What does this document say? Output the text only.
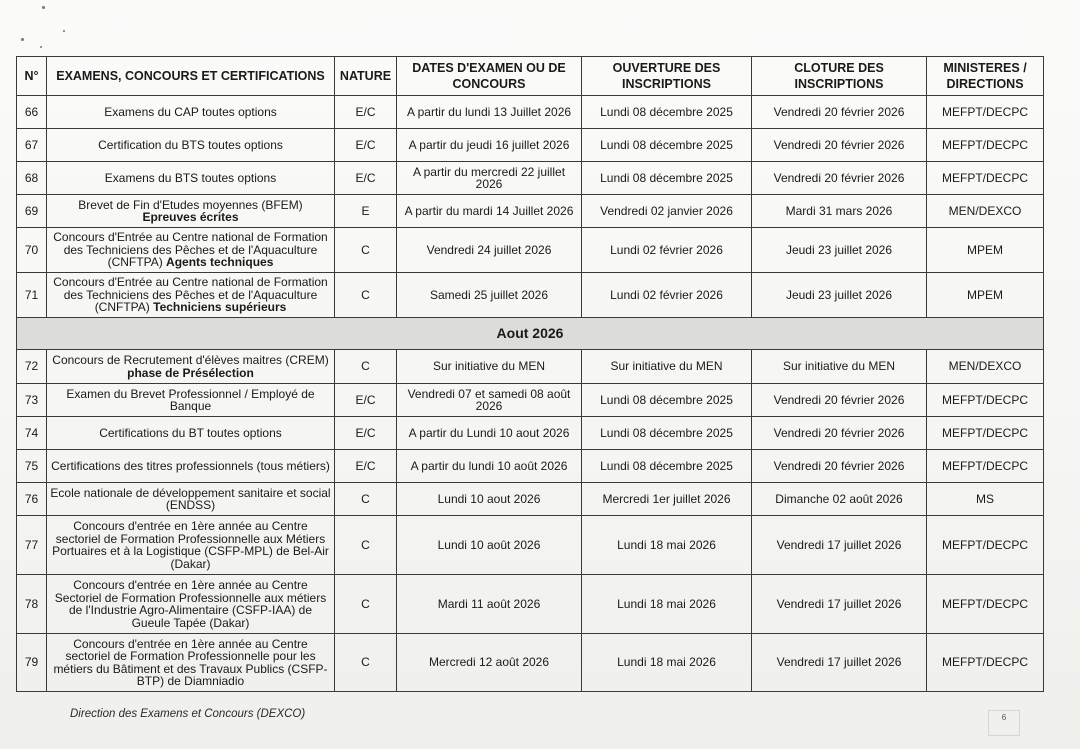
N°	EXAMENS, CONCOURS ET CERTIFICATIONS	NATURE	DATES D'EXAMEN OU DE CONCOURS	OUVERTURE DES INSCRIPTIONS	CLOTURE DES INSCRIPTIONS	MINISTERES / DIRECTIONS
66	Examens du CAP toutes options	E/C	A partir du lundi 13 Juillet 2026	Lundi 08 décembre 2025	Vendredi 20 février 2026	MEFPT/DECPC
67	Certification du BTS toutes options	E/C	A partir du jeudi 16 juillet 2026	Lundi 08 décembre 2025	Vendredi 20 février 2026	MEFPT/DECPC
68	Examens du BTS toutes options	E/C	A partir du mercredi 22 juillet 2026	Lundi 08 décembre 2025	Vendredi 20 février 2026	MEFPT/DECPC
69	Brevet de Fin d'Etudes moyennes (BFEM) Epreuves écrites	E	A partir du mardi 14 Juillet 2026	Vendredi 02 janvier 2026	Mardi 31 mars 2026	MEN/DEXCO
70	Concours d'Entrée au Centre national de Formation des Techniciens des Pêches et de l'Aquaculture (CNFTPA) Agents techniques	C	Vendredi 24 juillet 2026	Lundi 02 février 2026	Jeudi 23 juillet 2026	MPEM
71	Concours d'Entrée au Centre national de Formation des Techniciens des Pêches et de l'Aquaculture (CNFTPA) Techniciens supérieurs	C	Samedi 25 juillet 2026	Lundi 02 février 2026	Jeudi 23 juillet 2026	MPEM
Aout 2026						
72	Concours de Recrutement d'élèves maitres (CREM) phase de Présélection	C	Sur initiative du MEN	Sur initiative du MEN	Sur initiative du MEN	MEN/DEXCO
73	Examen du Brevet Professionnel / Employé de Banque	E/C	Vendredi 07 et samedi 08 août 2026	Lundi 08 décembre 2025	Vendredi 20 février 2026	MEFPT/DECPC
74	Certifications du BT toutes options	E/C	A partir du Lundi 10 aout 2026	Lundi 08 décembre 2025	Vendredi 20 février 2026	MEFPT/DECPC
75	Certifications des titres professionnels (tous métiers)	E/C	A partir du lundi 10 août 2026	Lundi 08 décembre 2025	Vendredi 20 février 2026	MEFPT/DECPC
76	Ecole nationale de développement sanitaire et social (ENDSS)	C	Lundi 10 aout 2026	Mercredi 1er juillet 2026	Dimanche 02 août 2026	MS
77	Concours d'entrée en 1ère année au Centre sectoriel de Formation Professionnelle aux Métiers Portuaires et à la Logistique (CSFP-MPL) de Bel-Air (Dakar)	C	Lundi 10 août 2026	Lundi 18 mai 2026	Vendredi 17 juillet 2026	MEFPT/DECPC
78	Concours d'entrée en 1ère année au Centre Sectoriel de Formation Professionnelle aux métiers de l'Industrie Agro-Alimentaire (CSFP-IAA) de Gueule Tapée (Dakar)	C	Mardi 11 août 2026	Lundi 18 mai 2026	Vendredi 17 juillet 2026	MEFPT/DECPC
79	Concours d'entrée en 1ère année au Centre sectoriel de Formation Professionnelle pour les métiers du Bâtiment et des Travaux Publics (CSFP-BTP) de Diamniadio	C	Mercredi 12 août 2026	Lundi 18 mai 2026	Vendredi 17 juillet 2026	MEFPT/DECPC
Direction des Examens et Concours (DEXCO)	6
